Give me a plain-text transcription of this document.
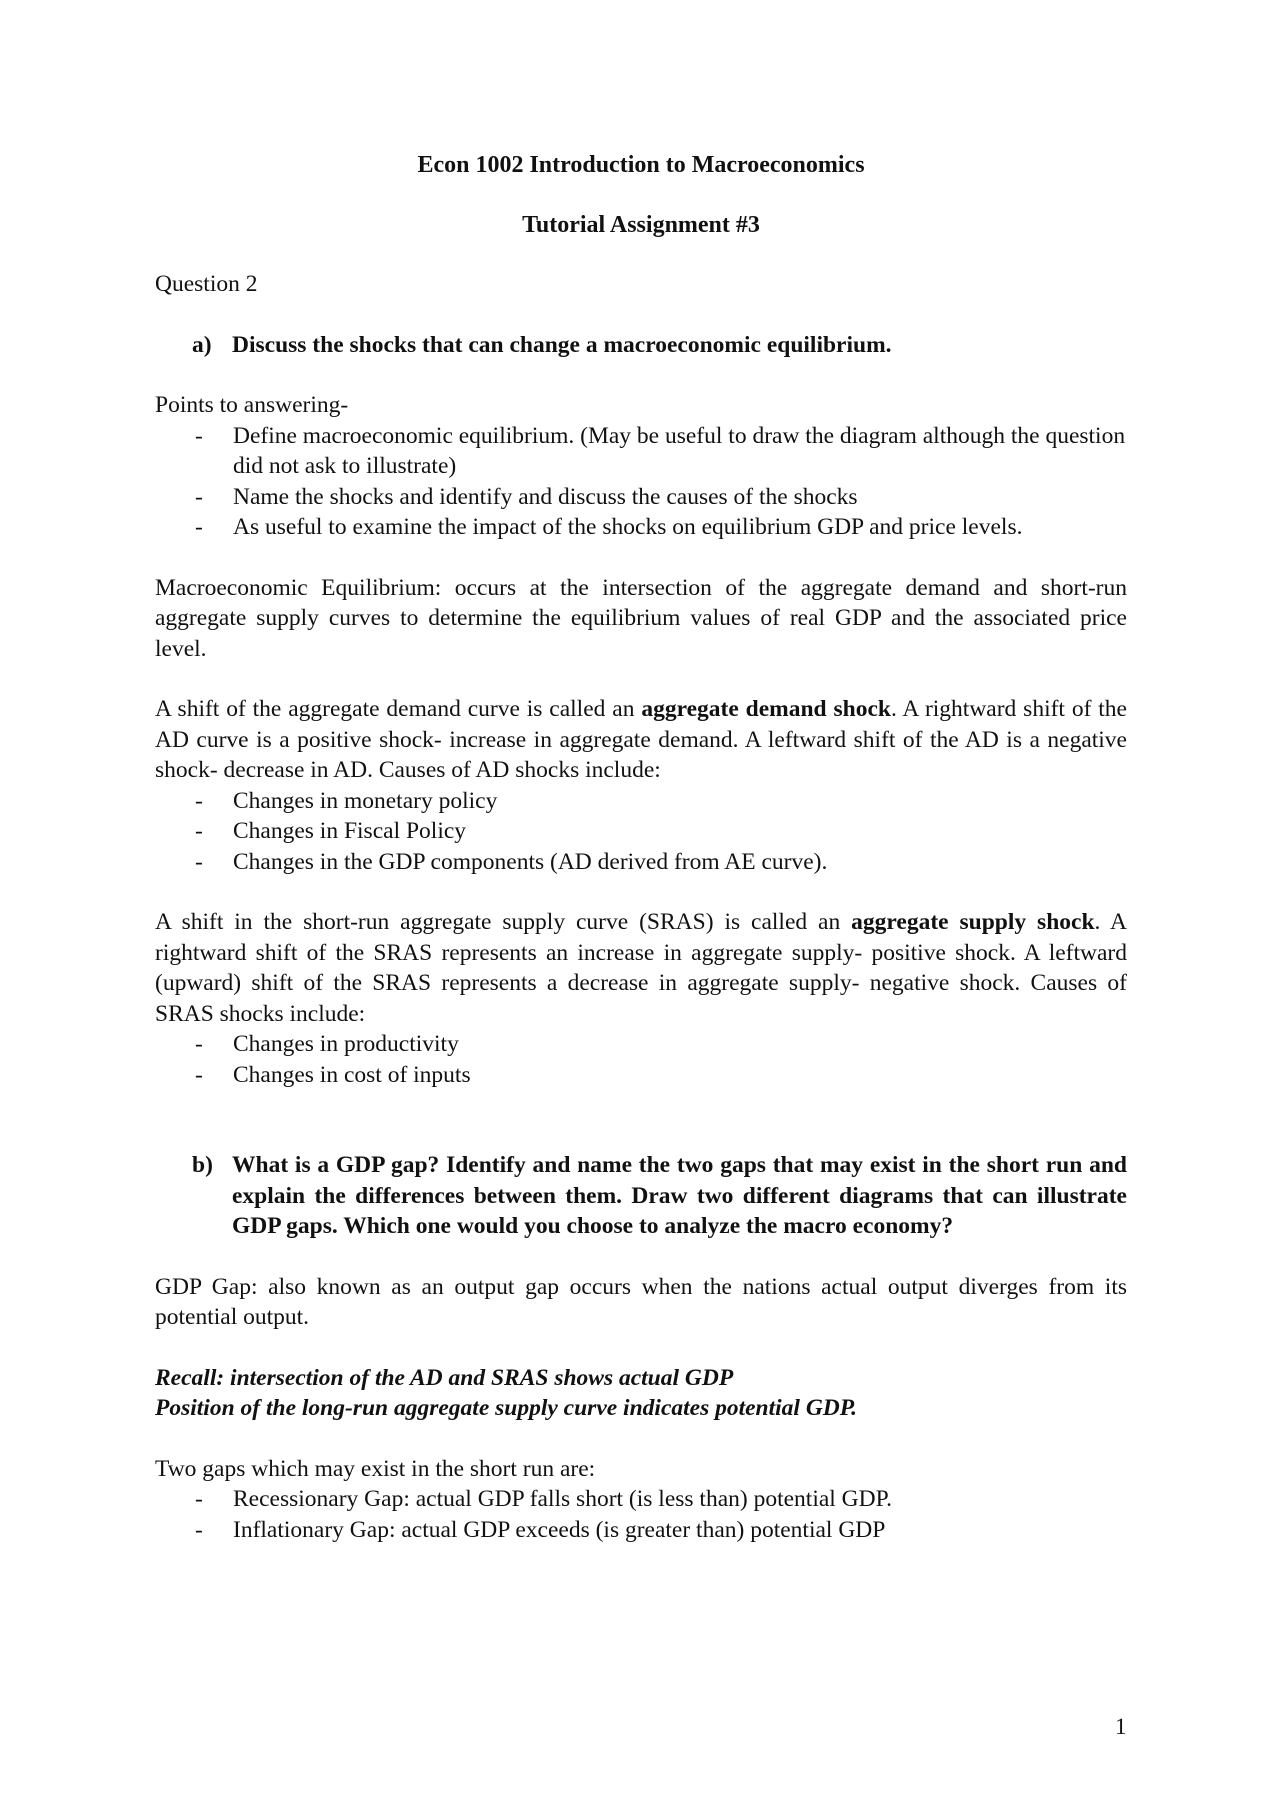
Econ 1002 Introduction to Macroeconomics

Tutorial Assignment #3

Question 2

a) Discuss the shocks that can change a macroeconomic equilibrium.

Points to answering-

-	Define macroeconomic equilibrium. (May be useful to draw the diagram although the question did not ask to illustrate)
-	Name the shocks and identify and discuss the causes of the shocks
-	As useful to examine the impact of the shocks on equilibrium GDP and price levels.

Macroeconomic Equilibrium: occurs at the intersection of the aggregate demand and short-run aggregate supply curves to determine the equilibrium values of real GDP and the associated price level.

A shift of the aggregate demand curve is called an aggregate demand shock. A rightward shift of the AD curve is a positive shock- increase in aggregate demand. A leftward shift of the AD is a negative shock- decrease in AD. Causes of AD shocks include:

-	Changes in monetary policy
-	Changes in Fiscal Policy
-	Changes in the GDP components (AD derived from AE curve).

A shift in the short-run aggregate supply curve (SRAS) is called an aggregate supply shock. A rightward shift of the SRAS represents an increase in aggregate supply- positive shock. A leftward (upward) shift of the SRAS represents a decrease in aggregate supply- negative shock. Causes of SRAS shocks include:

-	Changes in productivity
-	Changes in cost of inputs
b) What is a GDP gap? Identify and name the two gaps that may exist in the short run and explain the differences between them. Draw two different diagrams that can illustrate GDP gaps. Which one would you choose to analyze the macro economy?

GDP Gap: also known as an output gap occurs when the nations actual output diverges from its potential output.

Recall: intersection of the AD and SRAS shows actual GDP

Position of the long-run aggregate supply curve indicates potential GDP.

Two gaps which may exist in the short run are:

-	Recessionary Gap: actual GDP falls short (is less than) potential GDP.
-	Inflationary Gap: actual GDP exceeds (is greater than) potential GDP
1
